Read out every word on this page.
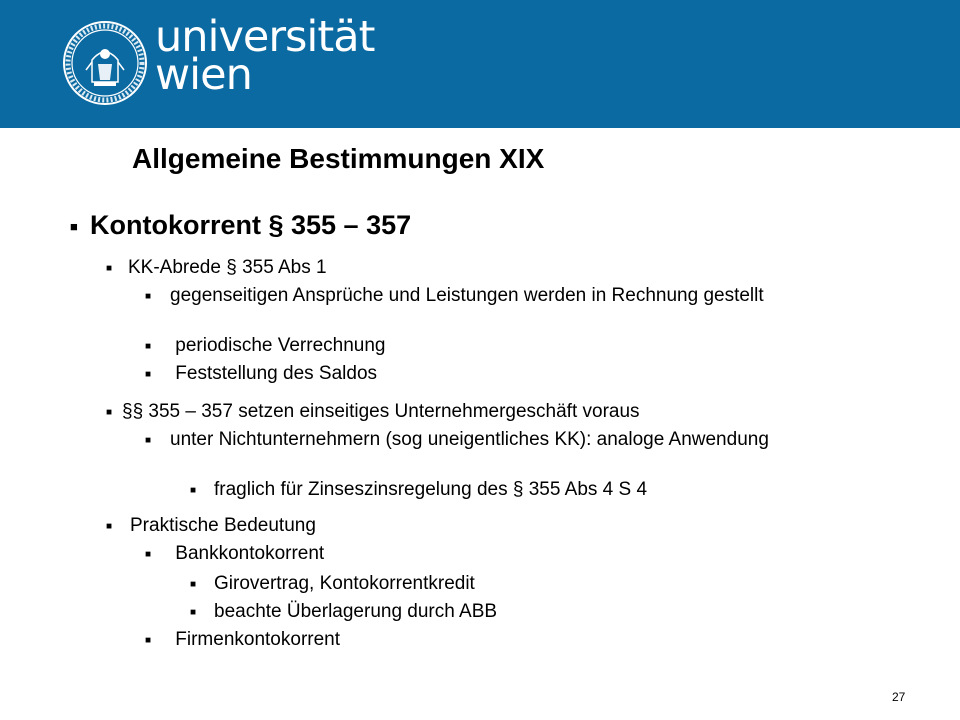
universität
wien
Allgemeine Bestimmungen XIX
■ Kontokorrent § 355 – 357
■ KK-Abrede § 355 Abs 1
■ gegenseitigen Ansprüche und Leistungen werden in Rechnung gestellt
■ periodische Verrechnung
■ Feststellung des Saldos
■ §§ 355 – 357 setzen einseitiges Unternehmergeschäft voraus
■ unter Nichtunternehmern (sog uneigentliches KK): analoge Anwendung
■ fraglich für Zinseszinsregelung des § 355 Abs 4 S 4
■ Praktische Bedeutung
■ Bankkontokorrent
■ Girovertrag, Kontokorrentkredit
■ beachte Überlagerung durch ABB
■ Firmenkontokorrent
27
